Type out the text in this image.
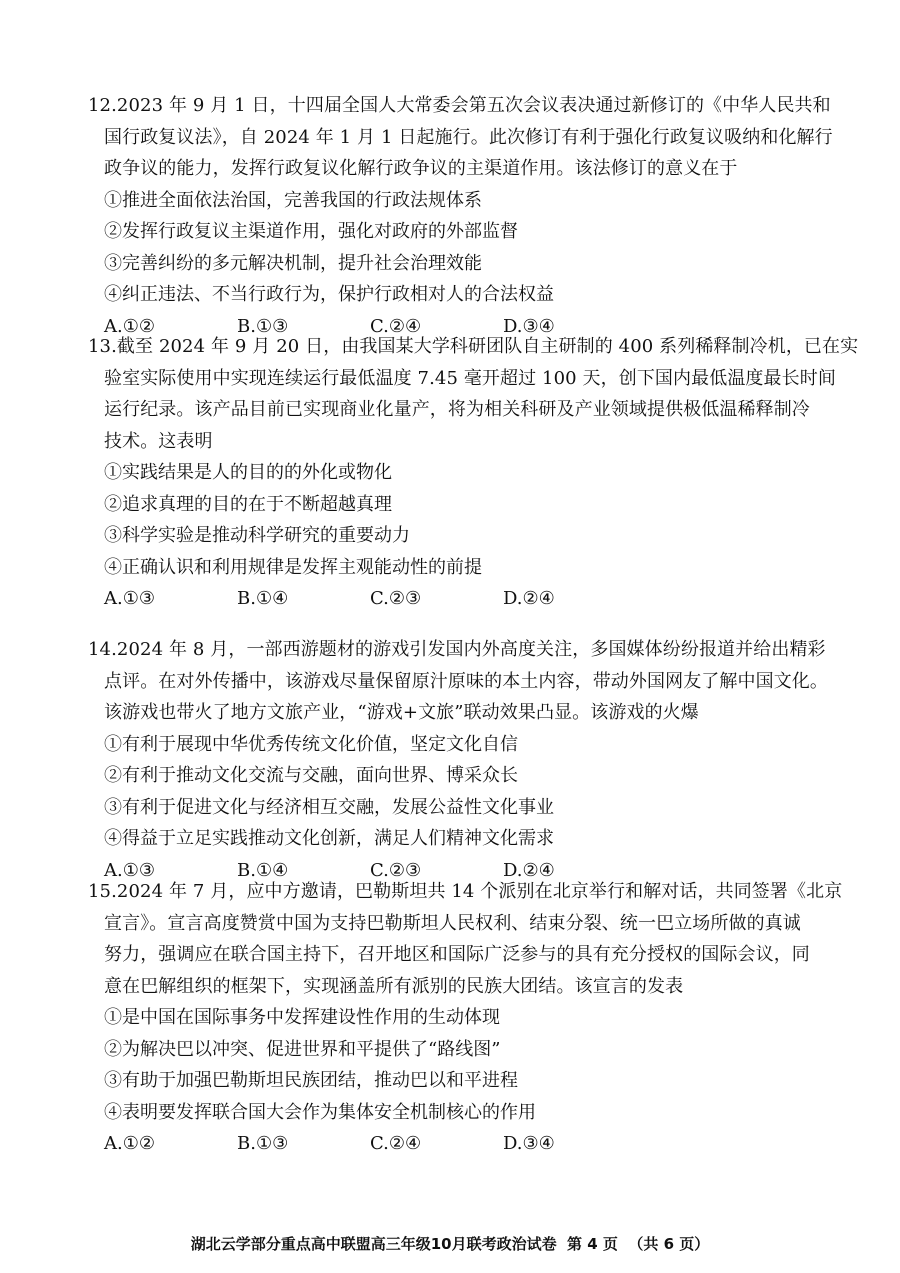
12.2023 年 9 月 1 日，十四届全国人大常委会第五次会议表决通过新修订的《中华人民共和
国行政复议法》，自 2024 年 1 月 1 日起施行。此次修订有利于强化行政复议吸纳和化解行
政争议的能力，发挥行政复议化解行政争议的主渠道作用。该法修订的意义在于
①推进全面依法治国，完善我国的行政法规体系
②发挥行政复议主渠道作用，强化对政府的外部监督
③完善纠纷的多元解决机制，提升社会治理效能
④纠正违法、不当行政行为，保护行政相对人的合法权益
A.①②	B.①③	C.②④	D.③④
13.截至 2024 年 9 月 20 日，由我国某大学科研团队自主研制的 400 系列稀释制冷机，已在实
验室实际使用中实现连续运行最低温度 7.45 毫开超过 100 天，创下国内最低温度最长时间
运行纪录。该产品目前已实现商业化量产，将为相关科研及产业领域提供极低温稀释制冷
技术。这表明
①实践结果是人的目的的外化或物化
②追求真理的目的在于不断超越真理
③科学实验是推动科学研究的重要动力
④正确认识和利用规律是发挥主观能动性的前提
A.①③	B.①④	C.②③	D.②④
14.2024 年 8 月，一部西游题材的游戏引发国内外高度关注，多国媒体纷纷报道并给出精彩
点评。在对外传播中，该游戏尽量保留原汁原味的本土内容，带动外国网友了解中国文化。
该游戏也带火了地方文旅产业，“游戏+文旅”联动效果凸显。该游戏的火爆
①有利于展现中华优秀传统文化价值，坚定文化自信
②有利于推动文化交流与交融，面向世界、博采众长
③有利于促进文化与经济相互交融，发展公益性文化事业
④得益于立足实践推动文化创新，满足人们精神文化需求
A.①③	B.①④	C.②③	D.②④
15.2024 年 7 月，应中方邀请，巴勒斯坦共 14 个派别在北京举行和解对话，共同签署《北京
宣言》。宣言高度赞赏中国为支持巴勒斯坦人民权利、结束分裂、统一巴立场所做的真诚
努力，强调应在联合国主持下，召开地区和国际广泛参与的具有充分授权的国际会议，同
意在巴解组织的框架下，实现涵盖所有派别的民族大团结。该宣言的发表
①是中国在国际事务中发挥建设性作用的生动体现
②为解决巴以冲突、促进世界和平提供了“路线图”
③有助于加强巴勒斯坦民族团结，推动巴以和平进程
④表明要发挥联合国大会作为集体安全机制核心的作用
A.①②	B.①③	C.②④	D.③④
湖北云学部分重点高中联盟高三年级10月联考政治试卷  第 4 页  （共 6 页）
